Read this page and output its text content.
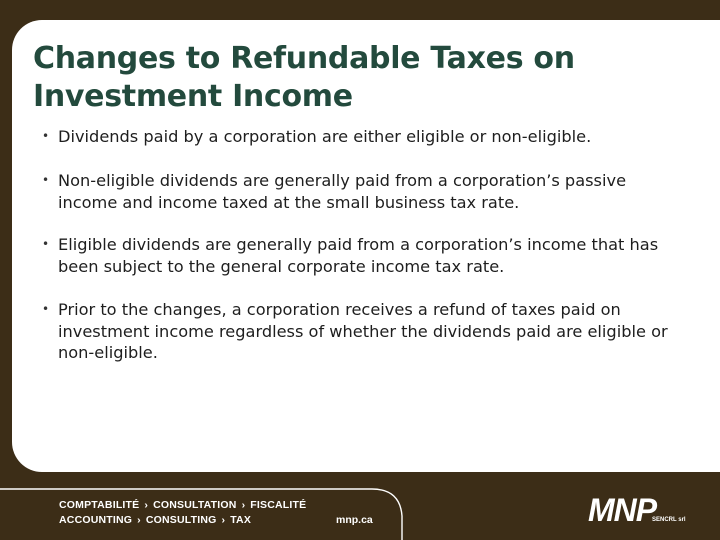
Changes to Refundable Taxes on
Investment Income
• Dividends paid by a corporation are either eligible or non-eligible.
• Non-eligible dividends are generally paid from a corporation’s passive income and income taxed at the small business tax rate.
• Eligible dividends are generally paid from a corporation’s income that has been subject to the general corporate income tax rate.
• Prior to the changes, a corporation receives a refund of taxes paid on investment income regardless of whether the dividends paid are eligible or non-eligible.
COMPTABILITÉ › CONSULTATION › FISCALITÉ
ACCOUNTING › CONSULTING › TAX	mnp.ca	MNP
SENCRL srl
